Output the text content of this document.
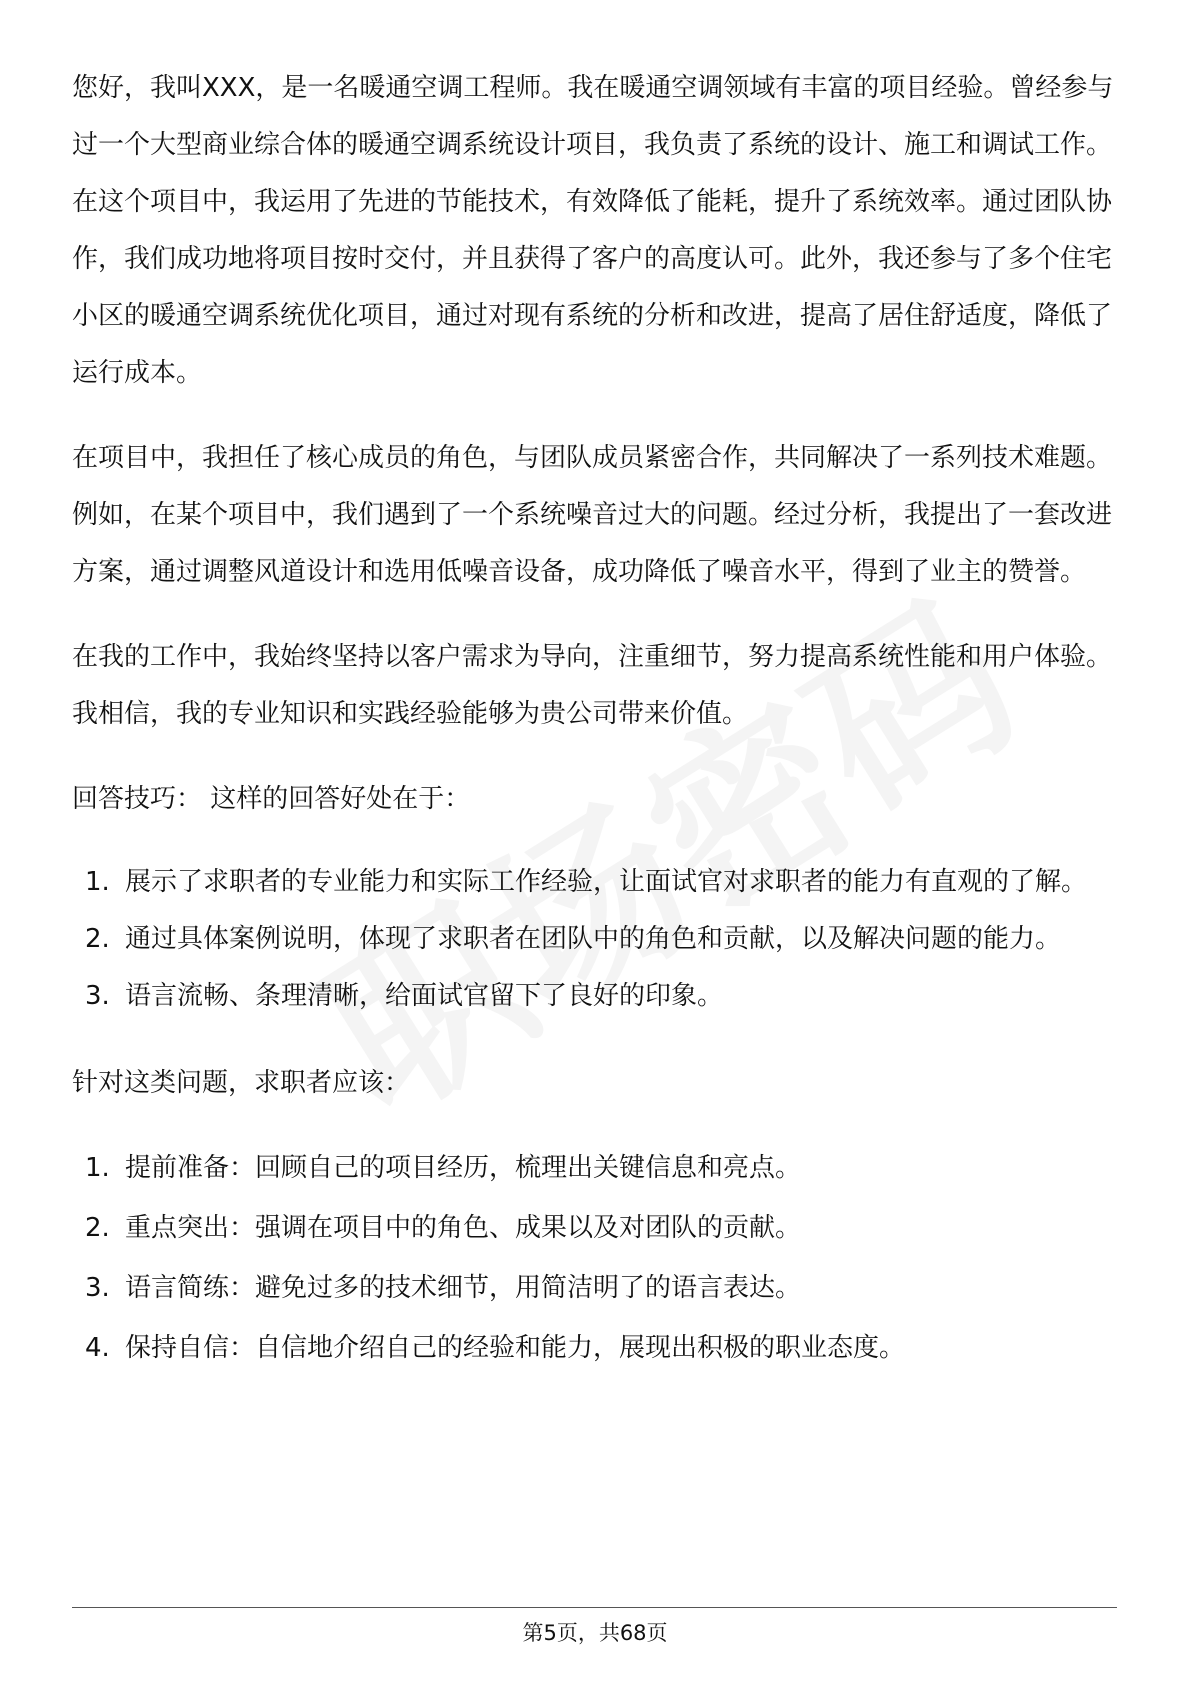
您好，我叫XXX，是一名暖通空调工程师。我在暖通空调领域有丰富的项目经验。曾经参与过一个大型商业综合体的暖通空调系统设计项目，我负责了系统的设计、施工和调试工作。在这个项目中，我运用了先进的节能技术，有效降低了能耗，提升了系统效率。通过团队协作，我们成功地将项目按时交付，并且获得了客户的高度认可。此外，我还参与了多个住宅小区的暖通空调系统优化项目，通过对现有系统的分析和改进，提高了居住舒适度，降低了运行成本。

在项目中，我担任了核心成员的角色，与团队成员紧密合作，共同解决了一系列技术难题。例如，在某个项目中，我们遇到了一个系统噪音过大的问题。经过分析，我提出了一套改进方案，通过调整风道设计和选用低噪音设备，成功降低了噪音水平，得到了业主的赞誉。

在我的工作中，我始终坚持以客户需求为导向，注重细节，努力提高系统性能和用户体验。我相信，我的专业知识和实践经验能够为贵公司带来价值。

回答技巧： 这样的回答好处在于：

1. 展示了求职者的专业能力和实际工作经验，让面试官对求职者的能力有直观的了解。
2. 通过具体案例说明，体现了求职者在团队中的角色和贡献，以及解决问题的能力。
3. 语言流畅、条理清晰，给面试官留下了良好的印象。

针对这类问题，求职者应该：

1. 提前准备：回顾自己的项目经历，梳理出关键信息和亮点。
2. 重点突出：强调在项目中的角色、成果以及对团队的贡献。
3. 语言简练：避免过多的技术细节，用简洁明了的语言表达。
4. 保持自信：自信地介绍自己的经验和能力，展现出积极的职业态度。
第5页，共68页
